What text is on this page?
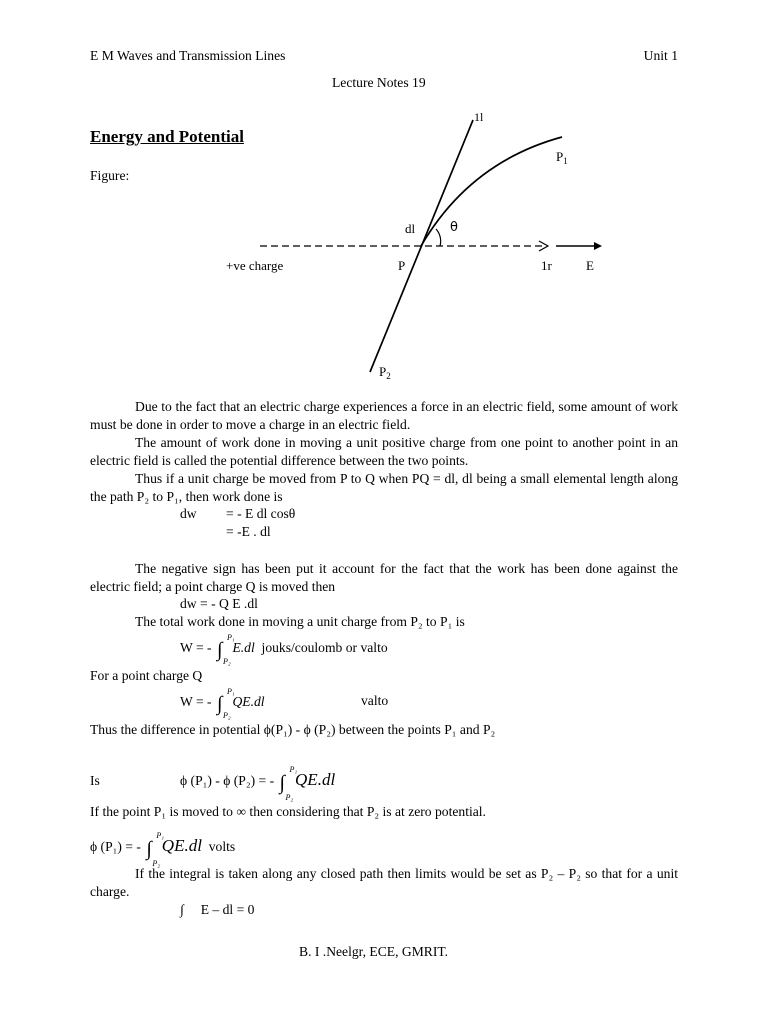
E M Waves and Transmission Lines	Unit 1
Lecture Notes 19
Energy and Potential
Figure:
1l
$P_1$
dl	θ
+ve charge	P	1r	E
$P_2$
Due to the fact that an electric charge experiences a force in an electric field, some amount of work must be done in order to move a charge in an electric field.
The amount of work done in moving a unit positive charge from one point to another point in an electric field is called the potential difference between the two points.
Thus if a unit charge be moved from P to Q when PQ = dl, dl being a small elemental length along the path P₂ to P₁, then work done is
dw = - E dl cosθ
= -E . dl
The negative sign has been put it account for the fact that the work has been done against the electric field; a point charge Q is moved then
dw = - Q E .dl
The total work done in moving a unit charge from P₂ to P₁ is
W = - ∫
P₁
P₂
E.dl jouks/coulomb or valto
For a point charge Q
W = - ∫
P₁
P₂
QE.dl	valto
Thus the difference in potential ϕ(P₁) - ϕ (P₂) between the points P₁ and P₂
Is	ϕ (P₁) - ϕ (P₂) = - ∫
P₁
P₂
QE.dl
If the point P₁ is moved to ∞ then considering that P₂ is at zero potential.
ϕ (P₁) = - ∫
P₁
P₂
QE.dl volts
If the integral is taken along any closed path then limits would be set as P₂ – P₂ so that for a unit charge.
∫     E – dl = 0
B. I .Neelgr, ECE, GMRIT.
